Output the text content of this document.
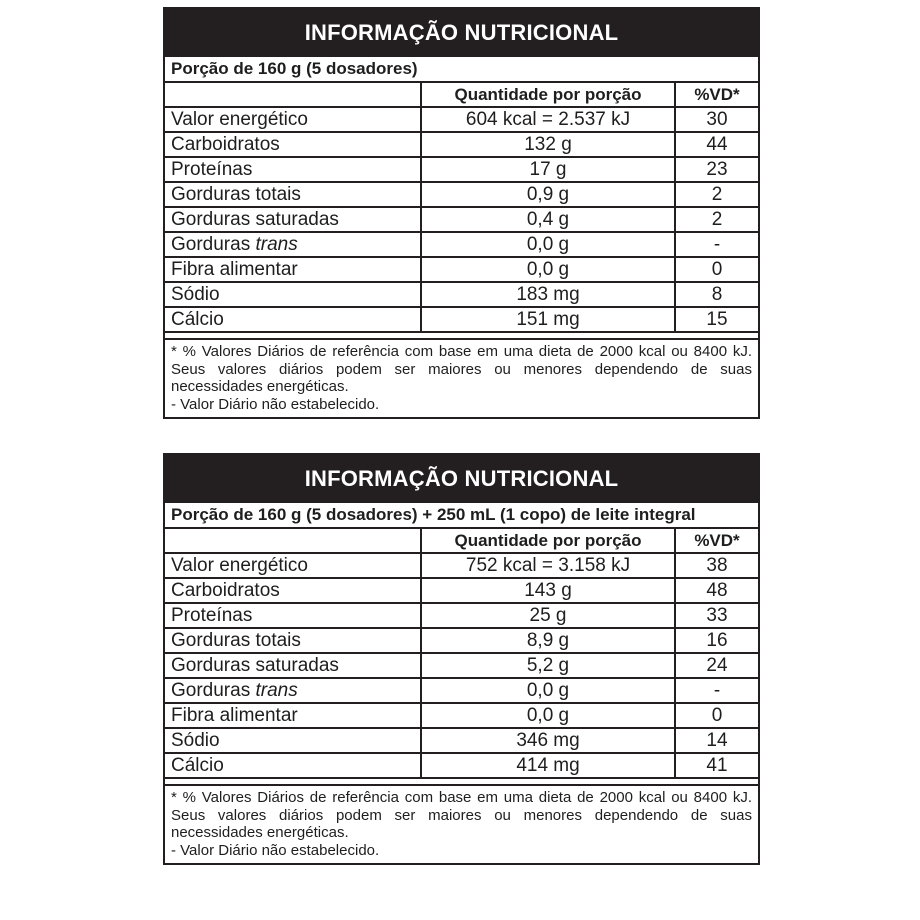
INFORMAÇÃO NUTRICIONAL
Porção de 160 g (5 dosadores)
	Quantidade por porção	%VD*
Valor energético	604 kcal = 2.537 kJ	30
Carboidratos	132 g	44
Proteínas	17 g	23
Gorduras totais	0,9 g	2
Gorduras saturadas	0,4 g	2
Gorduras trans	0,0 g	-
Fibra alimentar	0,0 g	0
Sódio	183 mg	8
Cálcio	151 mg	15

* % Valores Diários de referência com base em uma dieta de 2000 kcal ou 8400 kJ. Seus valores diários podem ser maiores ou menores dependendo de suas necessidades energéticas.

- Valor Diário não estabelecido.

INFORMAÇÃO NUTRICIONAL
Porção de 160 g (5 dosadores) + 250 mL (1 copo) de leite integral
	Quantidade por porção	%VD*
Valor energético	752 kcal = 3.158 kJ	38
Carboidratos	143 g	48
Proteínas	25 g	33
Gorduras totais	8,9 g	16
Gorduras saturadas	5,2 g	24
Gorduras trans	0,0 g	-
Fibra alimentar	0,0 g	0
Sódio	346 mg	14
Cálcio	414 mg	41

* % Valores Diários de referência com base em uma dieta de 2000 kcal ou 8400 kJ. Seus valores diários podem ser maiores ou menores dependendo de suas necessidades energéticas.

- Valor Diário não estabelecido.
